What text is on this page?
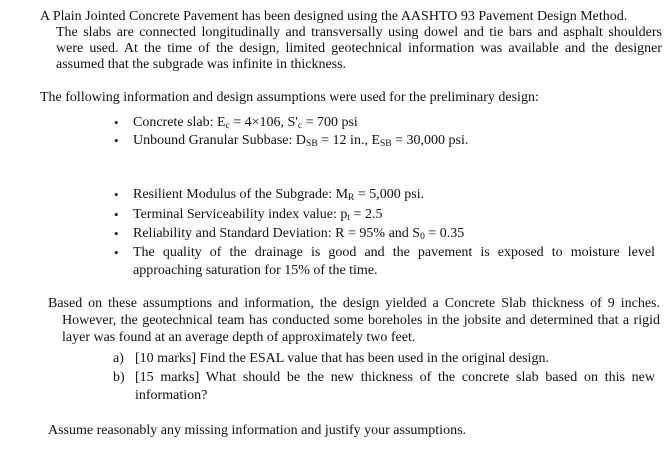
A Plain Jointed Concrete Pavement has been designed using the AASHTO 93 Pavement Design Method.
The slabs are connected longitudinally and transversally using dowel and tie bars and asphalt shoulders
were used. At the time of the design, limited geotechnical information was available and the designer
assumed that the subgrade was infinite in thickness.
The following information and design assumptions were used for the preliminary design:
• Concrete slab: $E_c = 4\times 106$, $S'_c = 700$ psi
• Unbound Granular Subbase: $D_{SB} = 12$ in., $E_{SB} = 30,000$ psi.
• Resilient Modulus of the Subgrade: $M_R = 5,000$ psi.
• Terminal Serviceability index value: $p_t = 2.5$
• Reliability and Standard Deviation: R = 95% and $S_0 = 0.35$
• The quality of the drainage is good and the pavement is exposed to moisture level
approaching saturation for 15% of the time.
Based on these assumptions and information, the design yielded a Concrete Slab thickness of 9 inches.
However, the geotechnical team has conducted some boreholes in the jobsite and determined that a rigid
layer was found at an average depth of approximately two feet.
a) [10 marks] Find the ESAL value that has been used in the original design.
b) [15 marks] What should be the new thickness of the concrete slab based on this new
information?
Assume reasonably any missing information and justify your assumptions.
